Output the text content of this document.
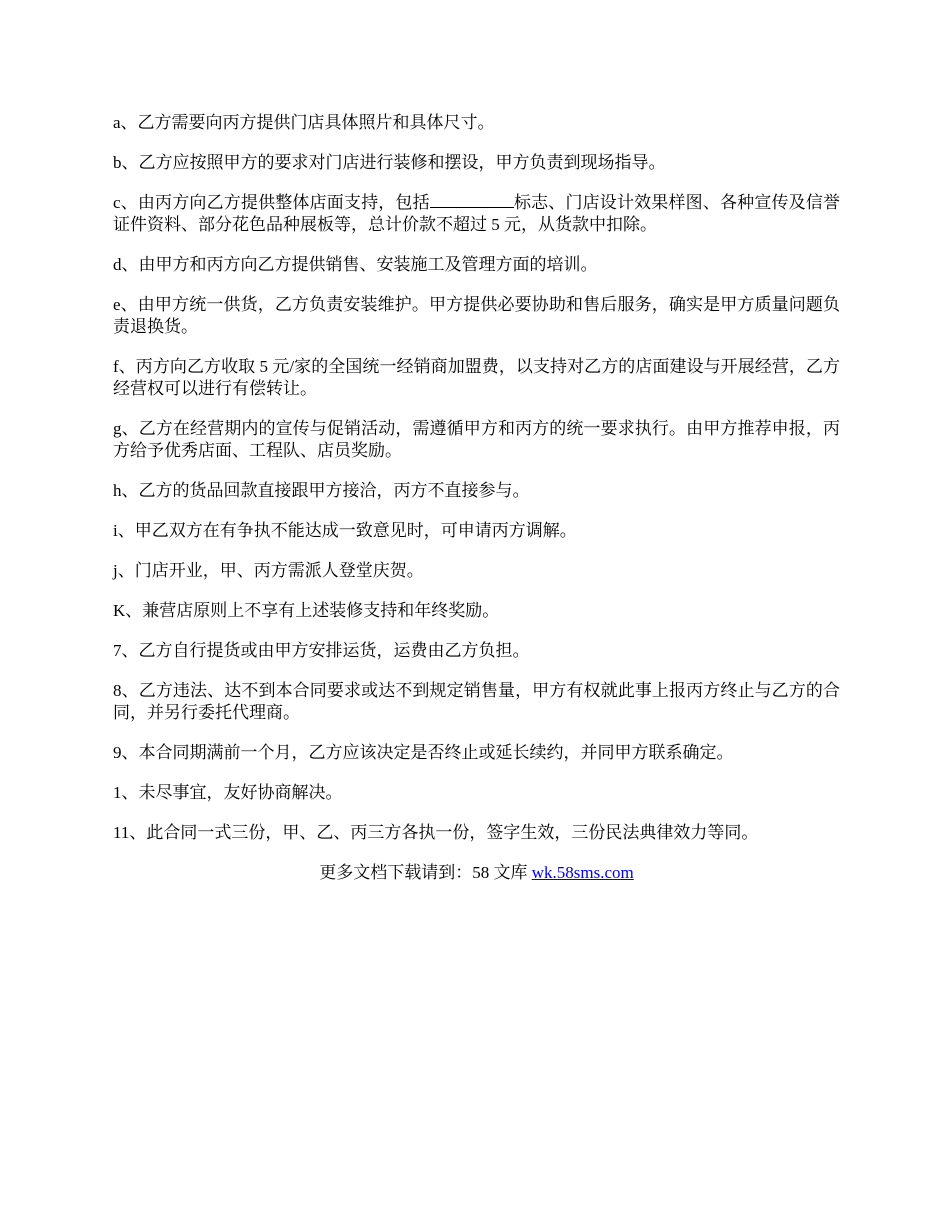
a、乙方需要向丙方提供门店具体照片和具体尺寸。

b、乙方应按照甲方的要求对门店进行装修和摆设，甲方负责到现场指导。

c、由丙方向乙方提供整体店面支持，包括	标志、门店设计效果样图、各种宣传及信誉证件资料、部分花色品种展板等，总计价款不超过 5 元，从货款中扣除。

d、由甲方和丙方向乙方提供销售、安装施工及管理方面的培训。

e、由甲方统一供货，乙方负责安装维护。甲方提供必要协助和售后服务，确实是甲方质量问题负责退换货。

f、丙方向乙方收取 5 元/家的全国统一经销商加盟费，以支持对乙方的店面建设与开展经营，乙方经营权可以进行有偿转让。

g、乙方在经营期内的宣传与促销活动，需遵循甲方和丙方的统一要求执行。由甲方推荐申报，丙方给予优秀店面、工程队、店员奖励。

h、乙方的货品回款直接跟甲方接洽，丙方不直接参与。

i、甲乙双方在有争执不能达成一致意见时，可申请丙方调解。

j、门店开业，甲、丙方需派人登堂庆贺。

K、兼营店原则上不享有上述装修支持和年终奖励。

7、乙方自行提货或由甲方安排运货，运费由乙方负担。

8、乙方违法、达不到本合同要求或达不到规定销售量，甲方有权就此事上报丙方终止与乙方的合同，并另行委托代理商。

9、本合同期满前一个月，乙方应该决定是否终止或延长续约，并同甲方联系确定。

1、未尽事宜，友好协商解决。

11、此合同一式三份，甲、乙、丙三方各执一份，签字生效，三份民法典律效力等同。

更多文档下载请到：58 文库 wk.58sms.com
